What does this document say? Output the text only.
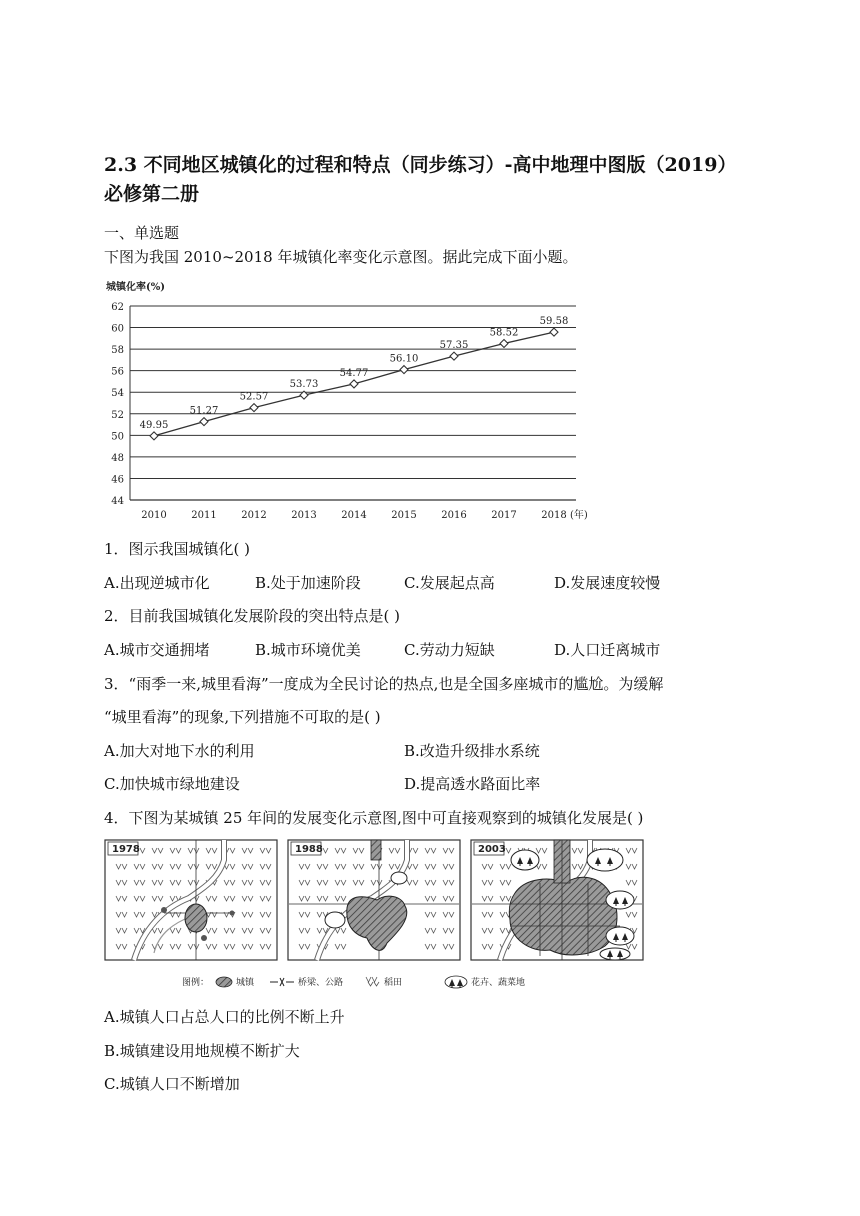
2.3 不同地区城镇化的过程和特点（同步练习）-高中地理中图版（2019）
必修第二册
一、单选题
下图为我国 2010~2018 年城镇化率变化示意图。据此完成下面小题。
城镇化率(%)
44
46
48
50
52
54
56
58
60
62
2010 2011 2012 2013 2014 2015 2016 2017 2018 (年)
49.95
51.27
52.57
53.73
54.77
56.10
57.35
58.52
59.58
1．图示我国城镇化( )
A.出现逆城市化	B.处于加速阶段	C.发展起点高	D.发展速度较慢
2．目前我国城镇化发展阶段的突出特点是( )
A.城市交通拥堵	B.城市环境优美	C.劳动力短缺	D.人口迁离城市
3．“雨季一来,城里看海”一度成为全民讨论的热点,也是全国多座城市的尴尬。为缓解
“城里看海”的现象,下列措施不可取的是( )
A.加大对地下水的利用	B.改造升级排水系统
C.加快城市绿地建设	D.提高透水路面比率
4．下图为某城镇 25 年间的发展变化示意图,图中可直接观察到的城镇化发展是( )
1978	1988	2003
图例：	城镇	桥梁、公路	稻田	花卉、蔬菜地
A.城镇人口占总人口的比例不断上升
B.城镇建设用地规模不断扩大
C.城镇人口不断增加
